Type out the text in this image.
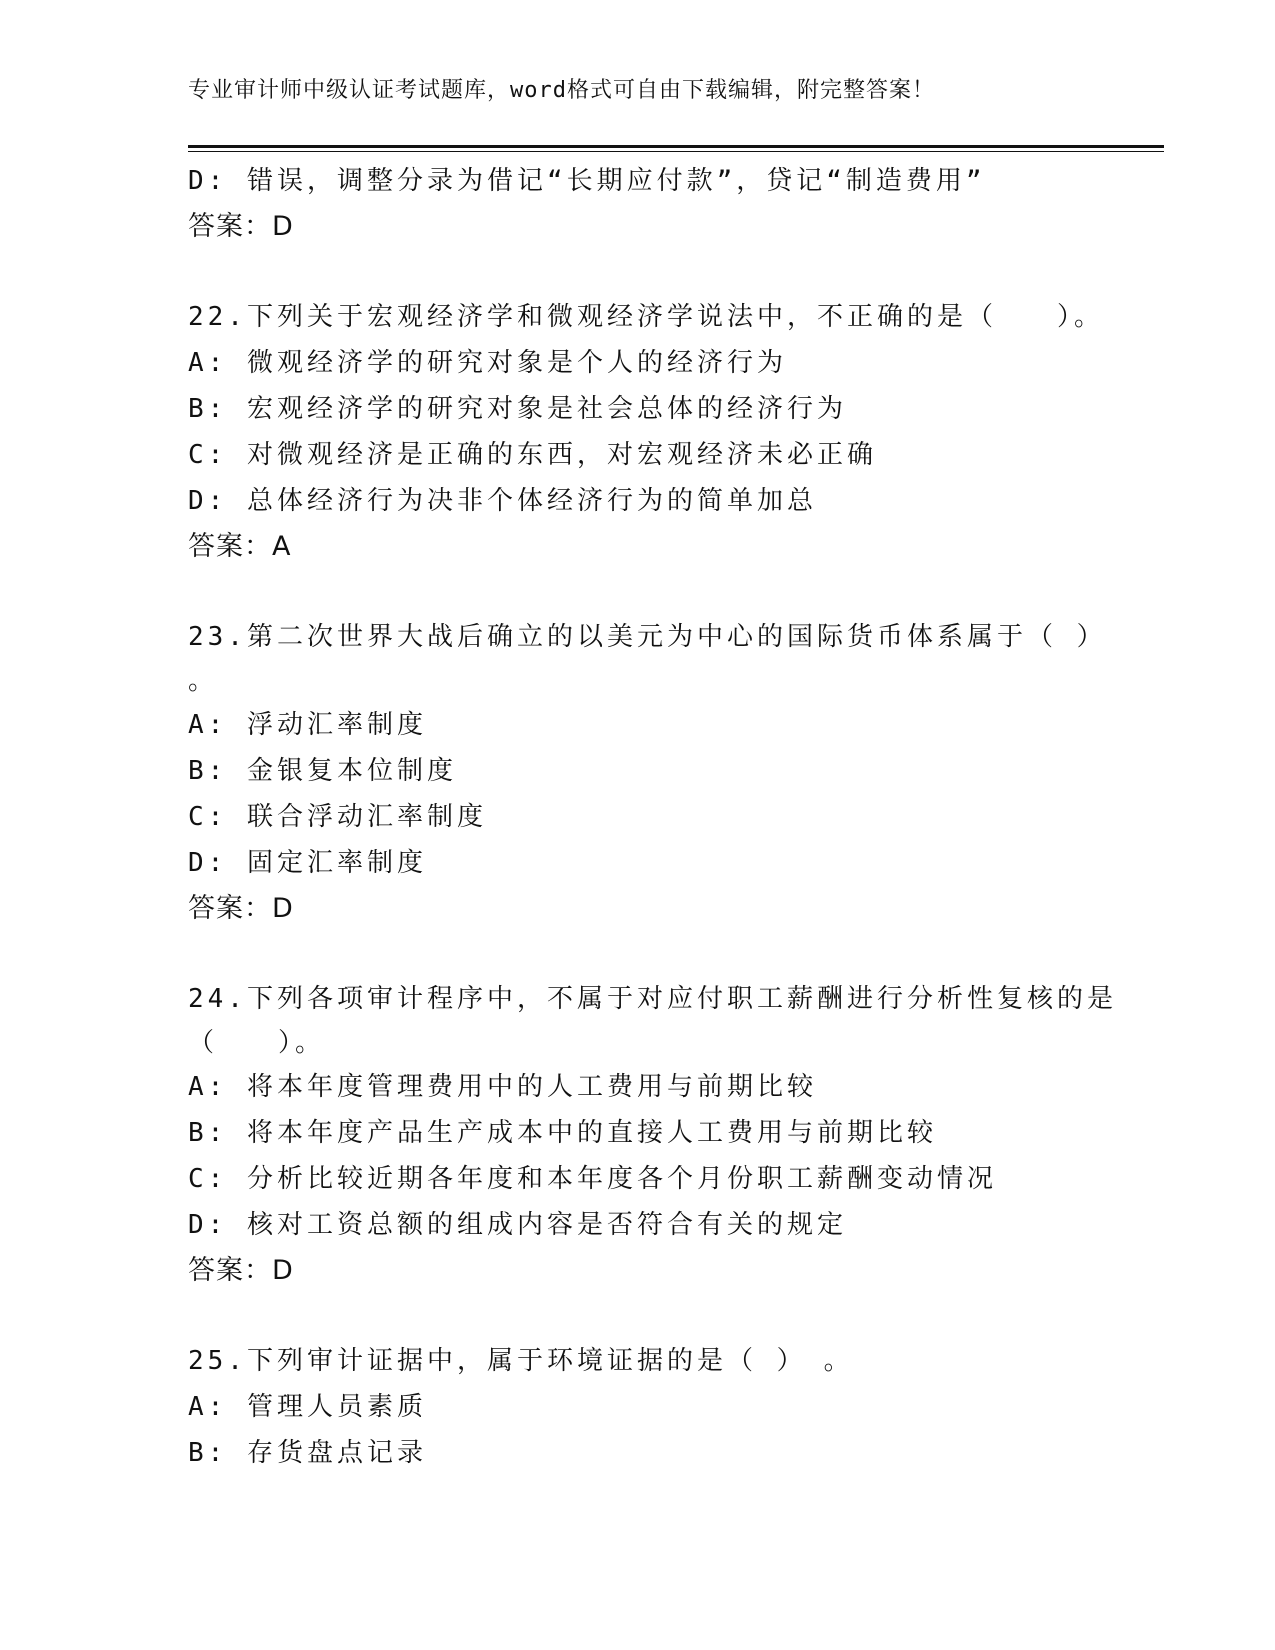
专业审计师中级认证考试题库，word格式可自由下载编辑，附完整答案！
D: 错误，调整分录为借记“长期应付款”，贷记“制造费用”
答案：D
22.下列关于宏观经济学和微观经济学说法中，不正确的是（　　）。
A: 微观经济学的研究对象是个人的经济行为
B: 宏观经济学的研究对象是社会总体的经济行为
C: 对微观经济是正确的东西，对宏观经济未必正确
D: 总体经济行为决非个体经济行为的简单加总
答案：A
23.第二次世界大战后确立的以美元为中心的国际货币体系属于（ ）
。
A: 浮动汇率制度
B: 金银复本位制度
C: 联合浮动汇率制度
D: 固定汇率制度
答案：D
24.下列各项审计程序中，不属于对应付职工薪酬进行分析性复核的是
（　　）。
A: 将本年度管理费用中的人工费用与前期比较
B: 将本年度产品生产成本中的直接人工费用与前期比较
C: 分析比较近期各年度和本年度各个月份职工薪酬变动情况
D: 核对工资总额的组成内容是否符合有关的规定
答案：D
25.下列审计证据中，属于环境证据的是（ ）　。
A: 管理人员素质
B: 存货盘点记录
